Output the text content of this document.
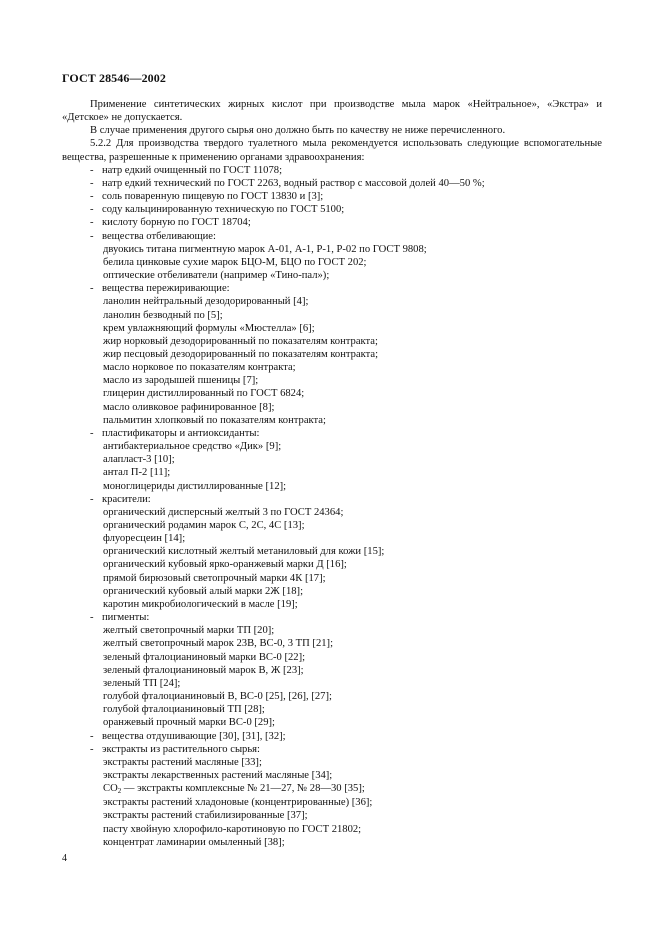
ГОСТ 28546—2002

Применение синтетических жирных кислот при производстве мыла марок «Нейтральное», «Экстра» и «Детское» не допускается.

В случае применения другого сырья оно должно быть по качеству не ниже перечисленного.

5.2.2 Для производства твердого туалетного мыла рекомендуется использовать следующие вспомогательные вещества, разрешенные к применению органами здравоохранения:

- натр едкий очищенный по ГОСТ 11078;
- натр едкий технический по ГОСТ 2263, водный раствор с массовой долей 40—50 %;
- соль поваренную пищевую по ГОСТ 13830 и [3];
- соду кальцинированную техническую по ГОСТ 5100;
- кислоту борную по ГОСТ 18704;
- вещества отбеливающие:
двуокись титана пигментную марок А-01, А-1, Р-1, Р-02 по ГОСТ 9808;
белила цинковые сухие марок БЦО-М, БЦО по ГОСТ 202;
оптические отбеливатели (например «Тино-пал»);
- вещества пережиривающие:
ланолин нейтральный дезодорированный [4];
ланолин безводный по [5];
крем увлажняющий формулы «Мюстелла» [6];
жир норковый дезодорированный по показателям контракта;
жир песцовый дезодорированный по показателям контракта;
масло норковое по показателям контракта;
масло из зародышей пшеницы [7];
глицерин дистиллированный по ГОСТ 6824;
масло оливковое рафинированное [8];
пальмитин хлопковый по показателям контракта;
- пластификаторы и антиоксиданты:
антибактериальное средство «Дик» [9];
алапласт-3 [10];
антал П-2 [11];
моноглицериды дистиллированные [12];
- красители:
органический дисперсный желтый 3 по ГОСТ 24364;
органический родамин марок С, 2С, 4С [13];
флуоресцеин [14];
органический кислотный желтый метаниловый для кожи [15];
органический кубовый ярко-оранжевый марки Д [16];
прямой бирюзовый светопрочный марки 4К [17];
органический кубовый алый марки 2Ж [18];
каротин микробиологический в масле [19];
- пигменты:
желтый светопрочный марки ТП [20];
желтый светопрочный марок 23В, ВС-0, 3 ТП [21];
зеленый фталоцианиновый марки ВС-0 [22];
зеленый фталоцианиновый марок В, Ж [23];
зеленый ТП [24];
голубой фталоцианиновый В, ВС-0 [25], [26], [27];
голубой фталоцианиновый ТП [28];
оранжевый прочный марки ВС-0 [29];
- вещества отдушивающие [30], [31], [32];
- экстракты из растительного сырья:
экстракты растений масляные [33];
экстракты лекарственных растений масляные [34];
СО2 — экстракты комплексные № 21—27, № 28—30 [35];
экстракты растений хладоновые (концентрированные) [36];
экстракты растений стабилизированные [37];
пасту хвойную хлорофило-каротиновую по ГОСТ 21802;
концентрат ламинарии омыленный [38];
4
